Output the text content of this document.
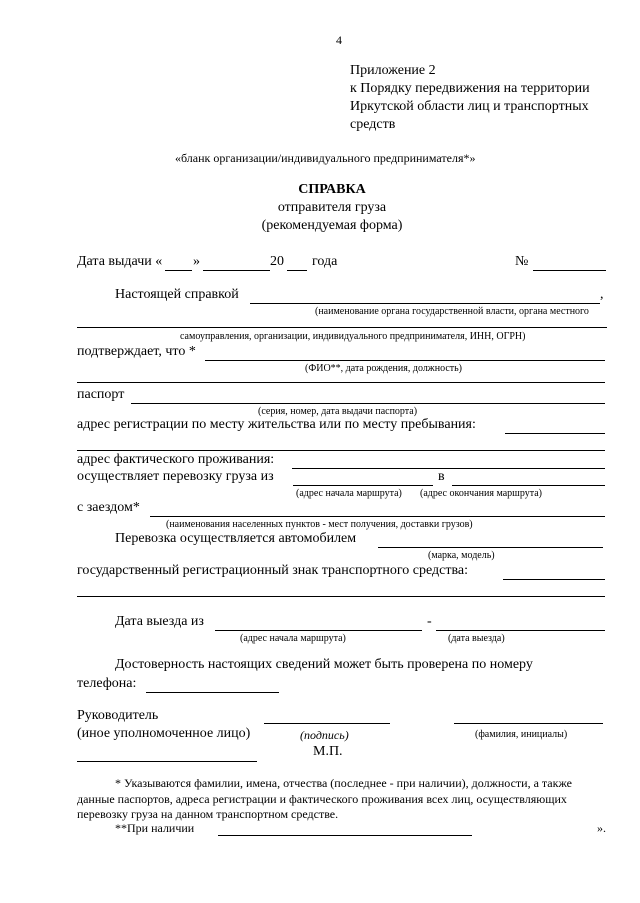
4
Приложение 2
к Порядку передвижения на территории
Иркутской области лиц и транспортных
средств
«бланк организации/индивидуального предпринимателя*»
СПРАВКА
отправителя груза
(рекомендуемая форма)
Дата выдачи « »	20 года	№
Настоящей справкой	,
(наименование органа государственной власти, органа местного
самоуправления, организации, индивидуального предпринимателя, ИНН, ОГРН)
подтверждает, что *
(ФИО**, дата рождения, должность)
паспорт
(серия, номер, дата выдачи паспорта)
адрес регистрации по месту жительства или по месту пребывания:
адрес фактического проживания:
осуществляет перевозку груза из	в
(адрес начала маршрута) (адрес окончания маршрута)
с заездом*
(наименования населенных пунктов - мест получения, доставки грузов)
Перевозка осуществляется автомобилем
(марка, модель)
государственный регистрационный знак транспортного средства:
Дата выезда из	-
(адрес начала маршрута)	(дата выезда)
Достоверность настоящих сведений может быть проверена по номеру
телефона:
Руководитель
(иное уполномоченное лицо)	(подпись)	(фамилия, инициалы)
М.П.
* Указываются фамилии, имена, отчества (последнее - при наличии), должности, а также
данные паспортов, адреса регистрации и фактического проживания всех лиц, осуществляющих
перевозку груза на данном транспортном средстве.
**При наличии	».
